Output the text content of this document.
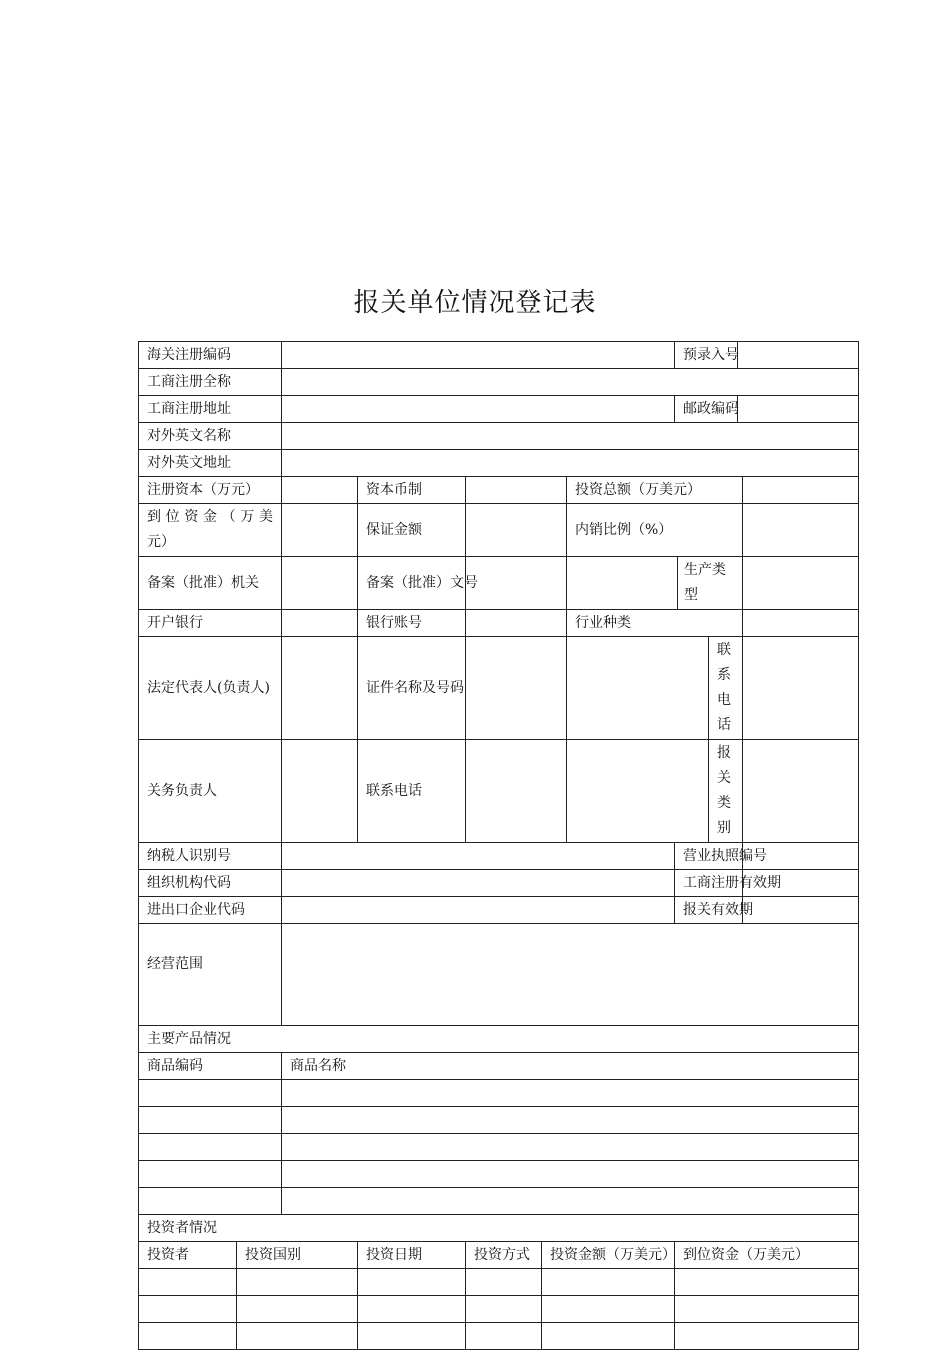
报关单位情况登记表
海关注册编码							预录入号				
工商注册全称											
工商注册地址							邮政编码				
对外英文名称											
对外英文地址											
注册资本（万元）			资本币制			投资总额（万美元）					
到 位 资 金 （ 万 美 元）			保证金额			内销比例（%）					
备案（批准）机关			备案（批准）文号					生产类型			
开户银行			银行账号			行业种类					
法定代表人(负责人)			证件名称及号码						联系电话		
关务负责人			联系电话						报关类别		
纳税人识别号							营业执照编号				
组织机构代码							工商注册有效期				
进出口企业代码							报关有效期				
经营范围											
主要产品情况											
商品编码		商品名称									

投资者情况											
投资者	投资国别		投资日期	投资方式	投资金额（万美元）		到位资金（万美元）				
